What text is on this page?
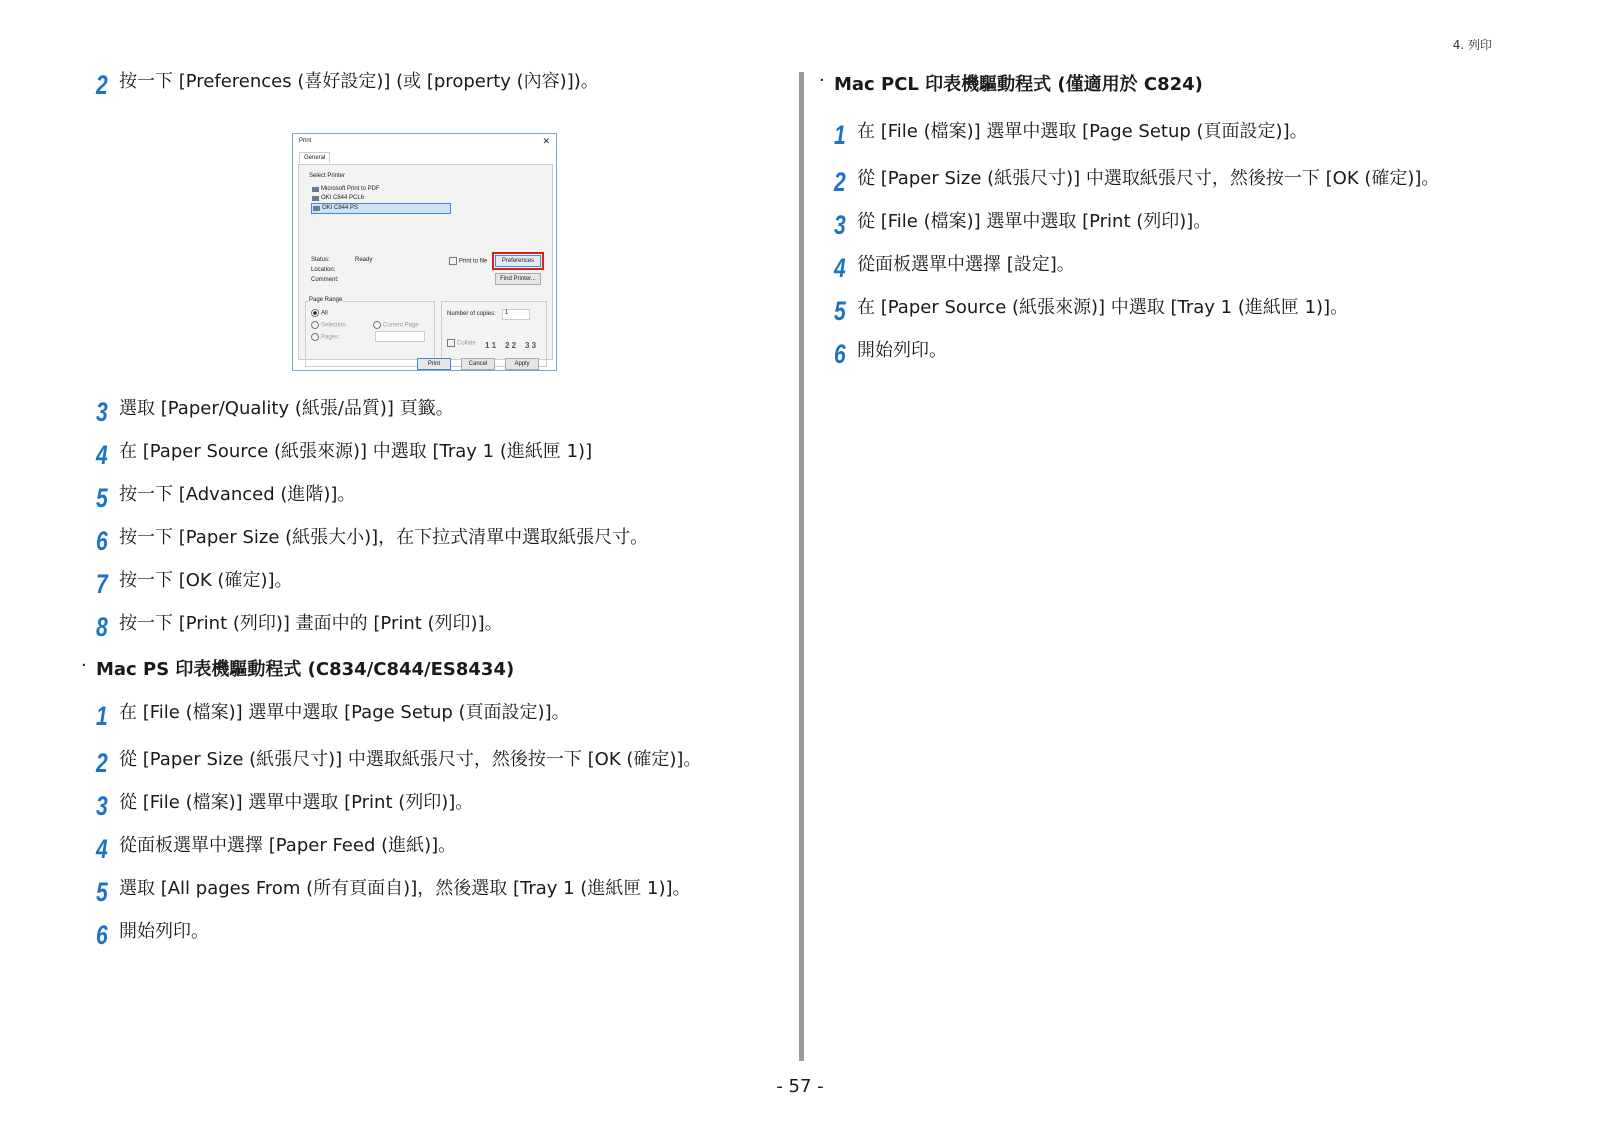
4. 列印
2 按一下 [Preferences (喜好設定)] (或 [property (內容)])。
Print	✕
General
Select Printer
Microsoft Print to PDF
OKI C844 PCL6
OKI C844 PS
Status:	Ready
Location:
Comment:
Print to file	Preferences
Find Printer...
Page Range
All
Selection	Current Page
Pages:
Number of copies:	1
Collate 1 1 2 2 3 3
Print	Cancel	Apply
3 選取 [Paper/Quality (紙張/品質)] 頁籤。
4 在 [Paper Source (紙張來源)] 中選取 [Tray 1 (進紙匣 1)]
5 按一下 [Advanced (進階)]。
6 按一下 [Paper Size (紙張大小)]，在下拉式清單中選取紙張尺寸。
7 按一下 [OK (確定)]。
8 按一下 [Print (列印)] 畫面中的 [Print (列印)]。
· Mac PS 印表機驅動程式 (C834/C844/ES8434)
1 在 [File (檔案)] 選單中選取 [Page Setup (頁面設定)]。
2 從 [Paper Size (紙張尺寸)] 中選取紙張尺寸，然後按一下 [OK (確定)]。
3 從 [File (檔案)] 選單中選取 [Print (列印)]。
4 從面板選單中選擇 [Paper Feed (進紙)]。
5 選取 [All pages From (所有頁面自)]，然後選取 [Tray 1 (進紙匣 1)]。
6 開始列印。
· Mac PCL 印表機驅動程式 (僅適用於 C824)
1 在 [File (檔案)] 選單中選取 [Page Setup (頁面設定)]。
2 從 [Paper Size (紙張尺寸)] 中選取紙張尺寸，然後按一下 [OK (確定)]。
3 從 [File (檔案)] 選單中選取 [Print (列印)]。
4 從面板選單中選擇 [設定]。
5 在 [Paper Source (紙張來源)] 中選取 [Tray 1 (進紙匣 1)]。
6 開始列印。
- 57 -
